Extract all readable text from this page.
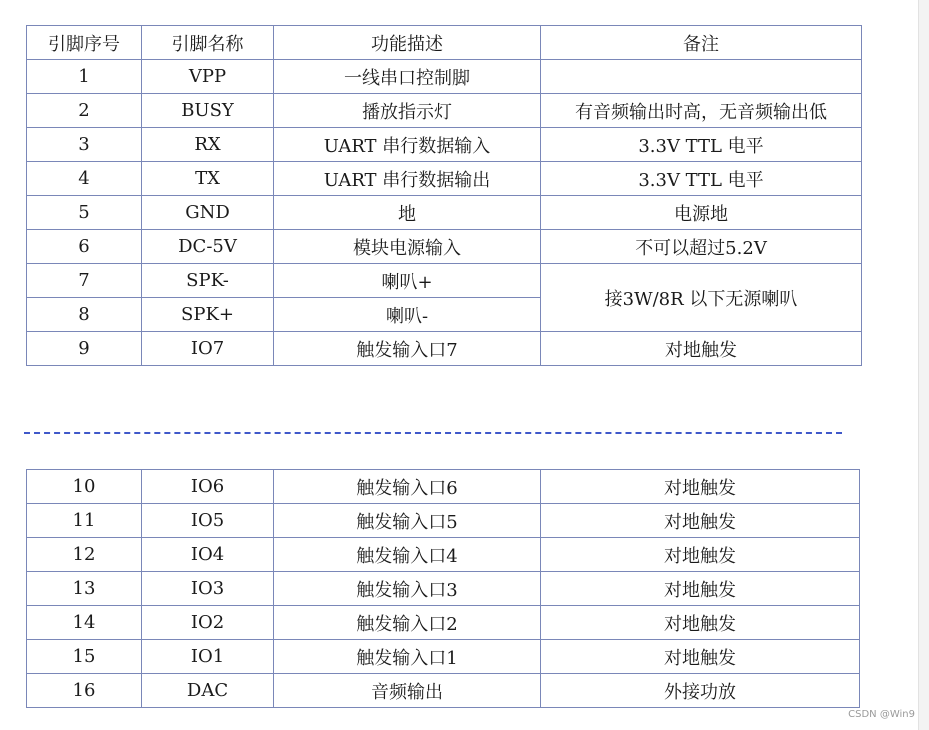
引脚序号	引脚名称	功能描述	备注
1	VPP	一线串口控制脚	
2	BUSY	播放指示灯	有音频输出时高，无音频输出低
3	RX	UART 串行数据输入	3.3V TTL 电平
4	TX	UART 串行数据输出	3.3V TTL 电平
5	GND	地	电源地
6	DC-5V	模块电源输入	不可以超过5.2V
7	SPK-	喇叭+	接3W/8R 以下无源喇叭
8	SPK+	喇叭-	
9	IO7	触发输入口7	对地触发
10	IO6	触发输入口6	对地触发
11	IO5	触发输入口5	对地触发
12	IO4	触发输入口4	对地触发
13	IO3	触发输入口3	对地触发
14	IO2	触发输入口2	对地触发
15	IO1	触发输入口1	对地触发
16	DAC	音频输出	外接功放
CSDN @Win9
